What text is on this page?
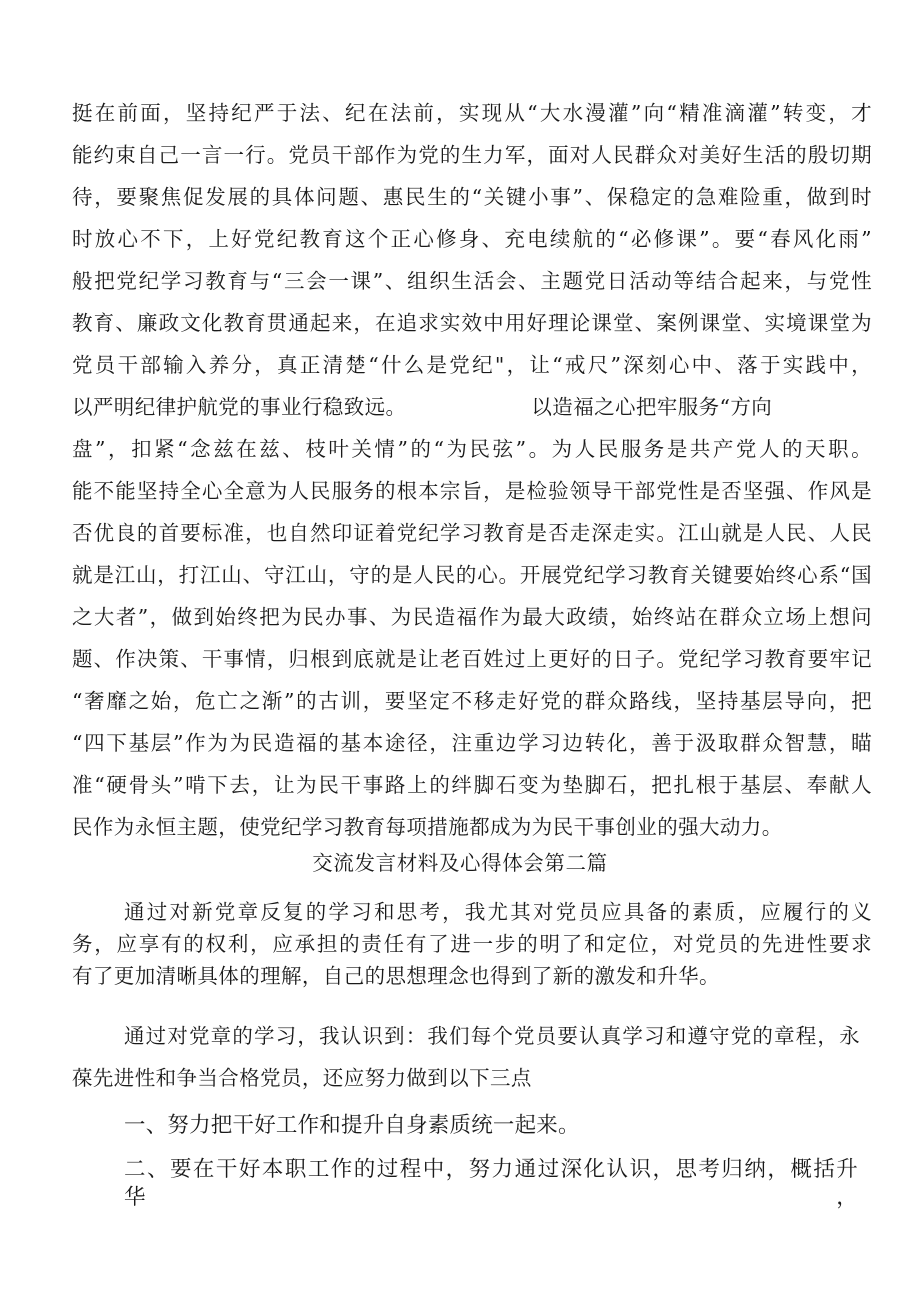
挺在前面，坚持纪严于法、纪在法前，实现从“大水漫灌”向“精准滴灌”转变，才
能约束自己一言一行。党员干部作为党的生力军，面对人民群众对美好生活的殷切期
待，要聚焦促发展的具体问题、惠民生的“关键小事”、保稳定的急难险重，做到时
时放心不下，上好党纪教育这个正心修身、充电续航的“必修课”。要“春风化雨”
般把党纪学习教育与“三会一课”、组织生活会、主题党日活动等结合起来，与党性
教育、廉政文化教育贯通起来，在追求实效中用好理论课堂、案例课堂、实境课堂为
党员干部输入养分，真正清楚“什么是党纪"，让“戒尺”深刻心中、落于实践中，
以严明纪律护航党的事业行稳致远。	以造福之心把牢服务“方向
盘”，扣紧“念兹在兹、枝叶关情”的“为民弦”。为人民服务是共产党人的天职。
能不能坚持全心全意为人民服务的根本宗旨，是检验领导干部党性是否坚强、作风是
否优良的首要标准，也自然印证着党纪学习教育是否走深走实。江山就是人民、人民
就是江山，打江山、守江山，守的是人民的心。开展党纪学习教育关键要始终心系“国
之大者”，做到始终把为民办事、为民造福作为最大政绩，始终站在群众立场上想问
题、作决策、干事情，归根到底就是让老百姓过上更好的日子。党纪学习教育要牢记
“奢靡之始，危亡之渐”的古训，要坚定不移走好党的群众路线，坚持基层导向，把
“四下基层”作为为民造福的基本途径，注重边学习边转化，善于汲取群众智慧，瞄
准“硬骨头”啃下去，让为民干事路上的绊脚石变为垫脚石，把扎根于基层、奉献人
民作为永恒主题，使党纪学习教育每项措施都成为为民干事创业的强大动力。
交流发言材料及心得体会第二篇
通过对新党章反复的学习和思考，我尤其对党员应具备的素质，应履行的义
务，应享有的权利，应承担的责任有了进一步的明了和定位，对党员的先进性要求
有了更加清晰具体的理解，自己的思想理念也得到了新的激发和升华。
通过对党章的学习，我认识到：我们每个党员要认真学习和遵守党的章程，永
葆先进性和争当合格党员，还应努力做到以下三点
一、努力把干好工作和提升自身素质统一起来。
二、要在干好本职工作的过程中，努力通过深化认识，思考归纳，概括升华，
